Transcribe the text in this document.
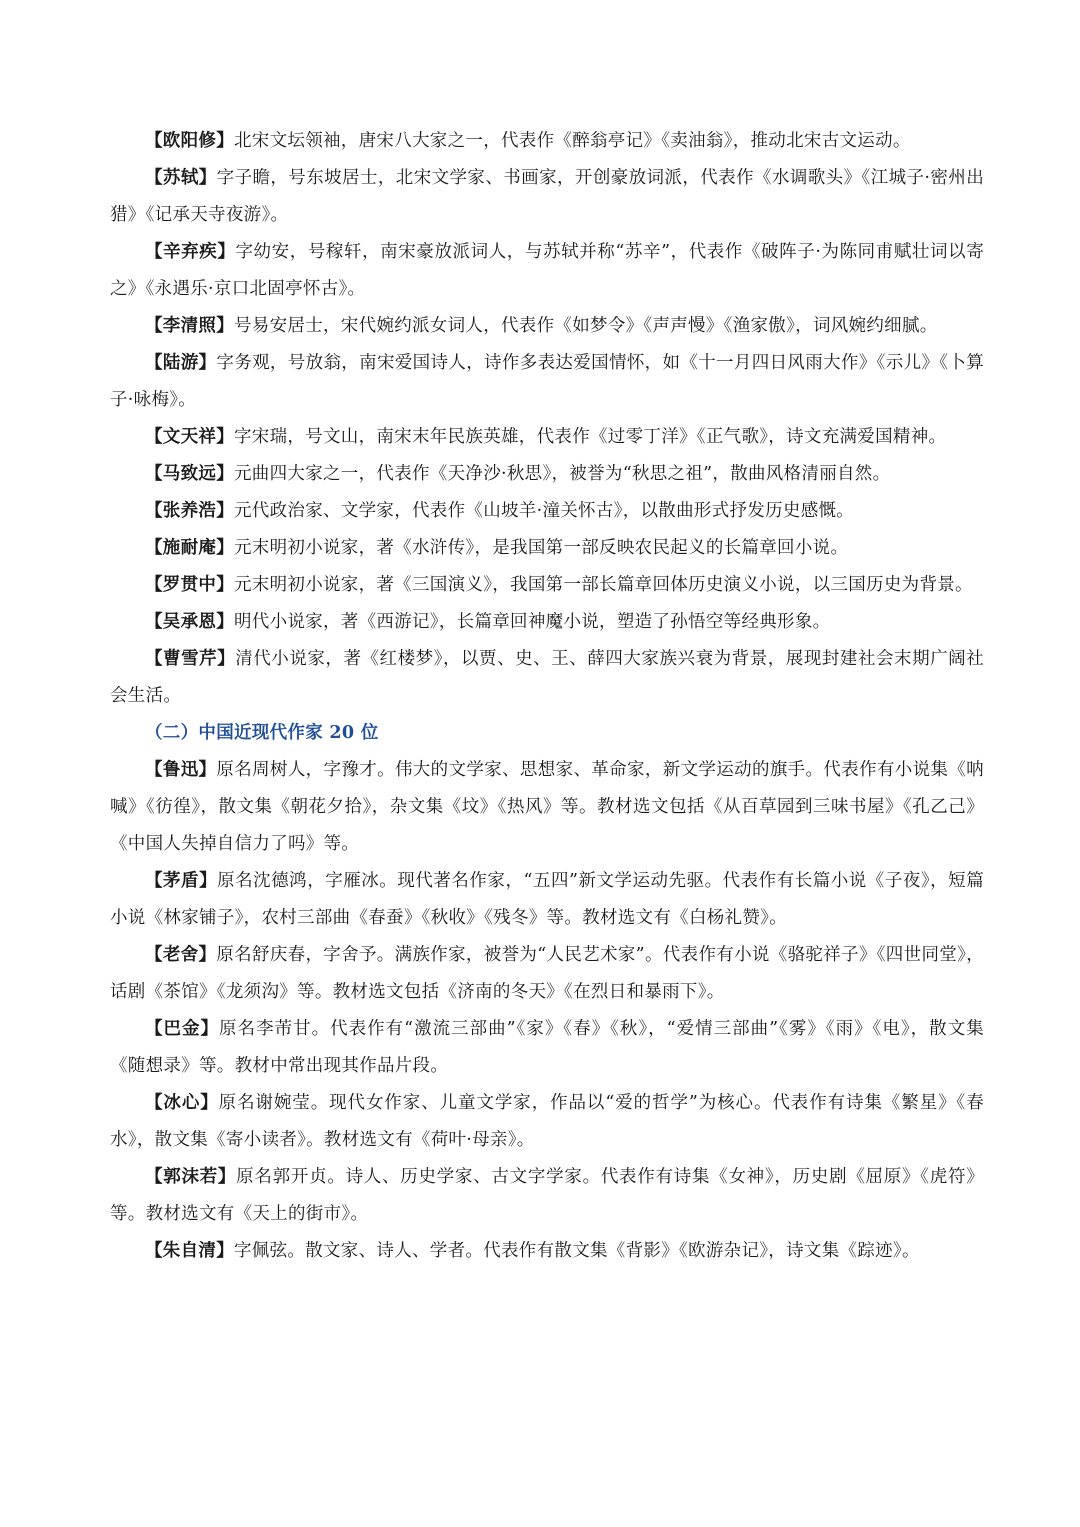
【欧阳修】北宋文坛领袖，唐宋八大家之一，代表作《醉翁亭记》《卖油翁》，推动北宋古文运动。

【苏轼】字子瞻，号东坡居士，北宋文学家、书画家，开创豪放词派，代表作《水调歌头》《江城子·密州出猎》《记承天寺夜游》。

【辛弃疾】字幼安，号稼轩，南宋豪放派词人，与苏轼并称“苏辛”，代表作《破阵子·为陈同甫赋壮词以寄之》《永遇乐·京口北固亭怀古》。

【李清照】号易安居士，宋代婉约派女词人，代表作《如梦令》《声声慢》《渔家傲》，词风婉约细腻。

【陆游】字务观，号放翁，南宋爱国诗人，诗作多表达爱国情怀，如《十一月四日风雨大作》《示儿》《卜算子·咏梅》。

【文天祥】字宋瑞，号文山，南宋末年民族英雄，代表作《过零丁洋》《正气歌》，诗文充满爱国精神。

【马致远】元曲四大家之一，代表作《天净沙·秋思》，被誉为“秋思之祖”，散曲风格清丽自然。

【张养浩】元代政治家、文学家，代表作《山坡羊·潼关怀古》，以散曲形式抒发历史感慨。

【施耐庵】元末明初小说家，著《水浒传》，是我国第一部反映农民起义的长篇章回小说。

【罗贯中】元末明初小说家，著《三国演义》，我国第一部长篇章回体历史演义小说，以三国历史为背景。

【吴承恩】明代小说家，著《西游记》，长篇章回神魔小说，塑造了孙悟空等经典形象。

【曹雪芹】清代小说家，著《红楼梦》，以贾、史、王、薛四大家族兴衰为背景，展现封建社会末期广阔社会生活。

（二）中国近现代作家 20 位

【鲁迅】原名周树人，字豫才。伟大的文学家、思想家、革命家，新文学运动的旗手。代表作有小说集《呐喊》《彷徨》，散文集《朝花夕拾》，杂文集《坟》《热风》等。教材选文包括《从百草园到三味书屋》《孔乙己》《中国人失掉自信力了吗》等。

【茅盾】原名沈德鸿，字雁冰。现代著名作家，“五四”新文学运动先驱。代表作有长篇小说《子夜》，短篇小说《林家铺子》，农村三部曲《春蚕》《秋收》《残冬》等。教材选文有《白杨礼赞》。

【老舍】原名舒庆春，字舍予。满族作家，被誉为“人民艺术家”。代表作有小说《骆驼祥子》《四世同堂》，话剧《茶馆》《龙须沟》等。教材选文包括《济南的冬天》《在烈日和暴雨下》。

【巴金】原名李芾甘。代表作有“激流三部曲”《家》《春》《秋》，“爱情三部曲”《雾》《雨》《电》，散文集《随想录》等。教材中常出现其作品片段。

【冰心】原名谢婉莹。现代女作家、儿童文学家，作品以“爱的哲学”为核心。代表作有诗集《繁星》《春水》，散文集《寄小读者》。教材选文有《荷叶·母亲》。

【郭沫若】原名郭开贞。诗人、历史学家、古文字学家。代表作有诗集《女神》，历史剧《屈原》《虎符》等。教材选文有《天上的街市》。

【朱自清】字佩弦。散文家、诗人、学者。代表作有散文集《背影》《欧游杂记》，诗文集《踪迹》。
